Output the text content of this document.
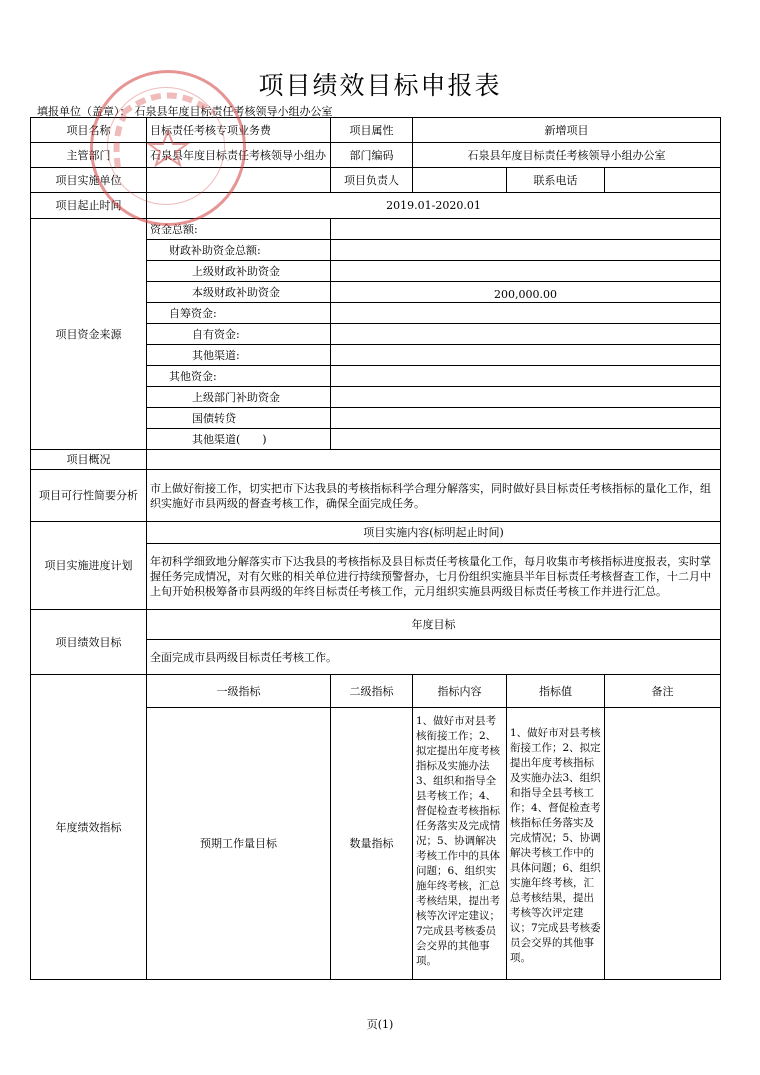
项目绩效目标申报表
填报单位（盖章）： 石泉县年度目标责任考核领导小组办公室
项目名称	目标责任考核专项业务费	项目属性	新增项目		
主管部门	石泉县年度目标责任考核领导小组办	部门编码	石泉县年度目标责任考核领导小组办公室		
项目实施单位		项目负责人		联系电话	
项目起止时间	2019.01-2020.01				
项目资金来源	资金总额:				
	财政补助资金总额:				
	上级财政补助资金				
	本级财政补助资金	200,000.00			
	自筹资金:				
	自有资金:				
	其他渠道:				
	其他资金:				
	上级部门补助资金				
	国债转贷				
	其他渠道(　　)				
项目概况					
项目可行性简要分析	市上做好衔接工作，切实把市下达我县的考核指标科学合理分解落实，同时做好县目标责任考核指标的量化工作，组织实施好市县两级的督查考核工作，确保全面完成任务。				
项目实施进度计划	项目实施内容(标明起止时间)				
	年初科学细致地分解落实市下达我县的考核指标及县目标责任考核量化工作，每月收集市考核指标进度报表，实时掌握任务完成情况，对有欠账的相关单位进行持续预警督办，七月份组织实施县半年目标责任考核督查工作，十二月中上旬开始积极筹备市县两级的年终目标责任考核工作，元月组织实施县两级目标责任考核工作并进行汇总。				
项目绩效目标	年度目标				
	全面完成市县两级目标责任考核工作。				
年度绩效指标	一级指标	二级指标	指标内容	指标值	备注
	预期工作量目标	数量指标	1、做好市对县考核衔接工作；2、拟定提出年度考核指标及实施办法3、组织和指导全县考核工作；4、督促检查考核指标任务落实及完成情况；5、协调解决考核工作中的具体问题；6、组织实施年终考核，汇总考核结果，提出考核等次评定建议；7完成县考核委员会交界的其他事项。	1、做好市对县考核衔接工作；2、拟定提出年度考核指标及实施办法3、组织和指导全县考核工作；4、督促检查考核指标任务落实及完成情况；5、协调解决考核工作中的具体问题；6、组织实施年终考核，汇总考核结果，提出考核等次评定建议；7完成县考核委员会交界的其他事项。	
页(1)
